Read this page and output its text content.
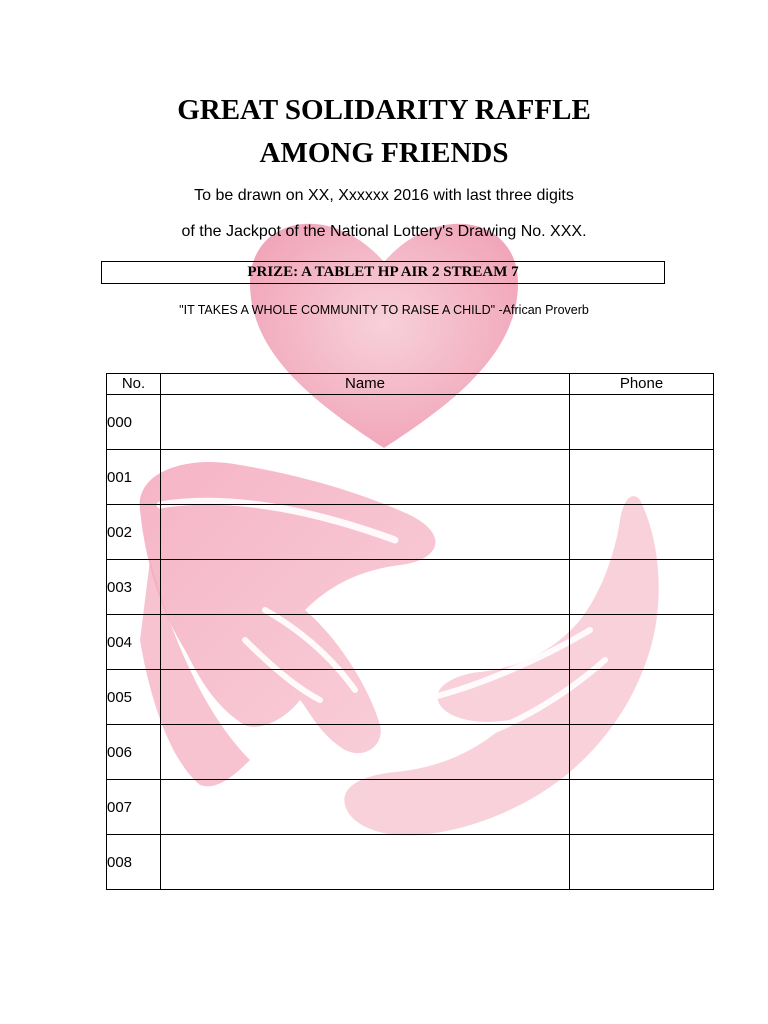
GREAT SOLIDARITY RAFFLE
AMONG FRIENDS
To be drawn on XX, Xxxxxx 2016 with last three digits
of the Jackpot of the National Lottery's Drawing No. XXX.
PRIZE: A TABLET HP AIR 2 STREAM 7
"IT TAKES A WHOLE COMMUNITY TO RAISE A CHILD" -African Proverb
No.	Name	Phone
000		
001		
002		
003		
004		
005		
006		
007		
008		
